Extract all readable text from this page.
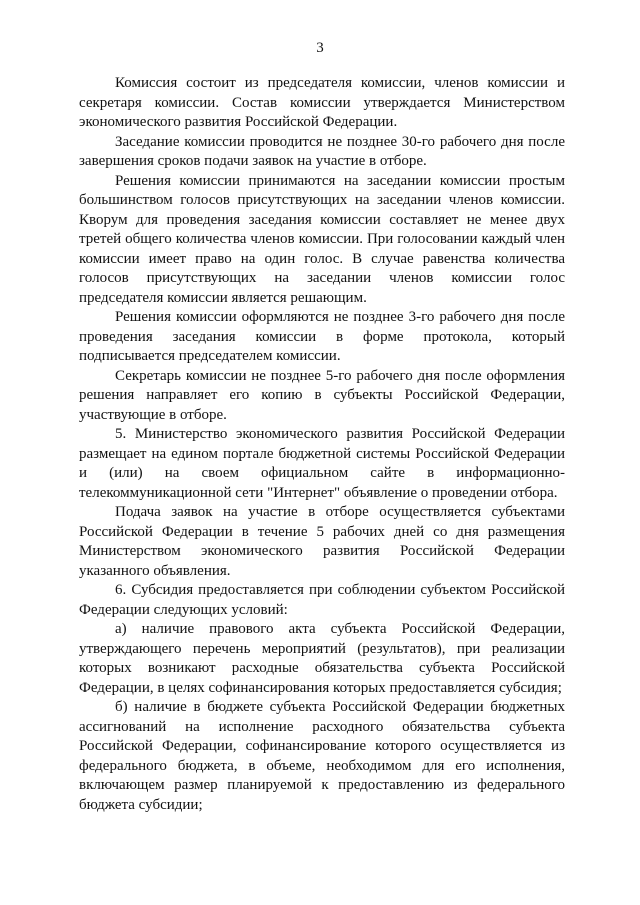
3

Комиссия состоит из председателя комиссии, членов комиссии и секретаря комиссии. Состав комиссии утверждается Министерством экономического развития Российской Федерации.

Заседание комиссии проводится не позднее 30-го рабочего дня после завершения сроков подачи заявок на участие в отборе.

Решения комиссии принимаются на заседании комиссии простым большинством голосов присутствующих на заседании членов комиссии. Кворум для проведения заседания комиссии составляет не менее двух третей общего количества членов комиссии. При голосовании каждый член комиссии имеет право на один голос. В случае равенства количества голосов присутствующих на заседании членов комиссии голос председателя комиссии является решающим.

Решения комиссии оформляются не позднее 3-го рабочего дня после проведения заседания комиссии в форме протокола, который подписывается председателем комиссии.

Секретарь комиссии не позднее 5-го рабочего дня после оформления решения направляет его копию в субъекты Российской Федерации, участвующие в отборе.

5. Министерство экономического развития Российской Федерации размещает на едином портале бюджетной системы Российской Федерации и (или) на своем официальном сайте в информационно-телекоммуникационной сети "Интернет" объявление о проведении отбора.

Подача заявок на участие в отборе осуществляется субъектами Российской Федерации в течение 5 рабочих дней со дня размещения Министерством экономического развития Российской Федерации указанного объявления.

6. Субсидия предоставляется при соблюдении субъектом Российской Федерации следующих условий:

а) наличие правового акта субъекта Российской Федерации, утверждающего перечень мероприятий (результатов), при реализации которых возникают расходные обязательства субъекта Российской Федерации, в целях софинансирования которых предоставляется субсидия;

б) наличие в бюджете субъекта Российской Федерации бюджетных ассигнований на исполнение расходного обязательства субъекта Российской Федерации, софинансирование которого осуществляется из федерального бюджета, в объеме, необходимом для его исполнения, включающем размер планируемой к предоставлению из федерального бюджета субсидии;
